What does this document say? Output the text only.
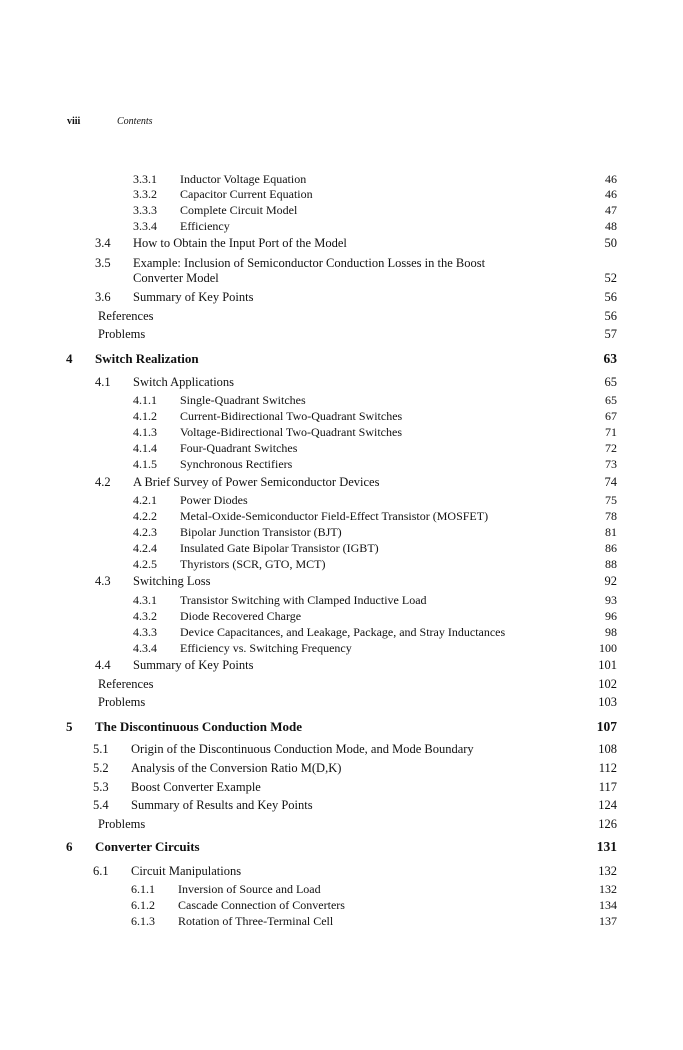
viii	Contents
3.3.1 Inductor Voltage Equation	46
3.3.2 Capacitor Current Equation	46
3.3.3 Complete Circuit Model	47
3.3.4 Efficiency	48
3.4 How to Obtain the Input Port of the Model	50
3.5 Example: Inclusion of Semiconductor Conduction Losses in the Boost
Converter Model	52
3.6 Summary of Key Points	56
References	56
Problems	57
4 Switch Realization	63
4.1 Switch Applications	65
4.1.1 Single-Quadrant Switches	65
4.1.2 Current-Bidirectional Two-Quadrant Switches	67
4.1.3 Voltage-Bidirectional Two-Quadrant Switches	71
4.1.4 Four-Quadrant Switches	72
4.1.5 Synchronous Rectifiers	73
4.2 A Brief Survey of Power Semiconductor Devices	74
4.2.1 Power Diodes	75
4.2.2 Metal-Oxide-Semiconductor Field-Effect Transistor (MOSFET)	78
4.2.3 Bipolar Junction Transistor (BJT)	81
4.2.4 Insulated Gate Bipolar Transistor (IGBT)	86
4.2.5 Thyristors (SCR, GTO, MCT)	88
4.3 Switching Loss	92
4.3.1 Transistor Switching with Clamped Inductive Load	93
4.3.2 Diode Recovered Charge	96
4.3.3 Device Capacitances, and Leakage, Package, and Stray Inductances	98
4.3.4 Efficiency vs. Switching Frequency	100
4.4 Summary of Key Points	101
References	102
Problems	103
5 The Discontinuous Conduction Mode	107
5.1 Origin of the Discontinuous Conduction Mode, and Mode Boundary	108
5.2 Analysis of the Conversion Ratio M(D,K)	112
5.3 Boost Converter Example	117
5.4 Summary of Results and Key Points	124
Problems	126
6 Converter Circuits	131
6.1 Circuit Manipulations	132
6.1.1 Inversion of Source and Load	132
6.1.2 Cascade Connection of Converters	134
6.1.3 Rotation of Three-Terminal Cell	137
